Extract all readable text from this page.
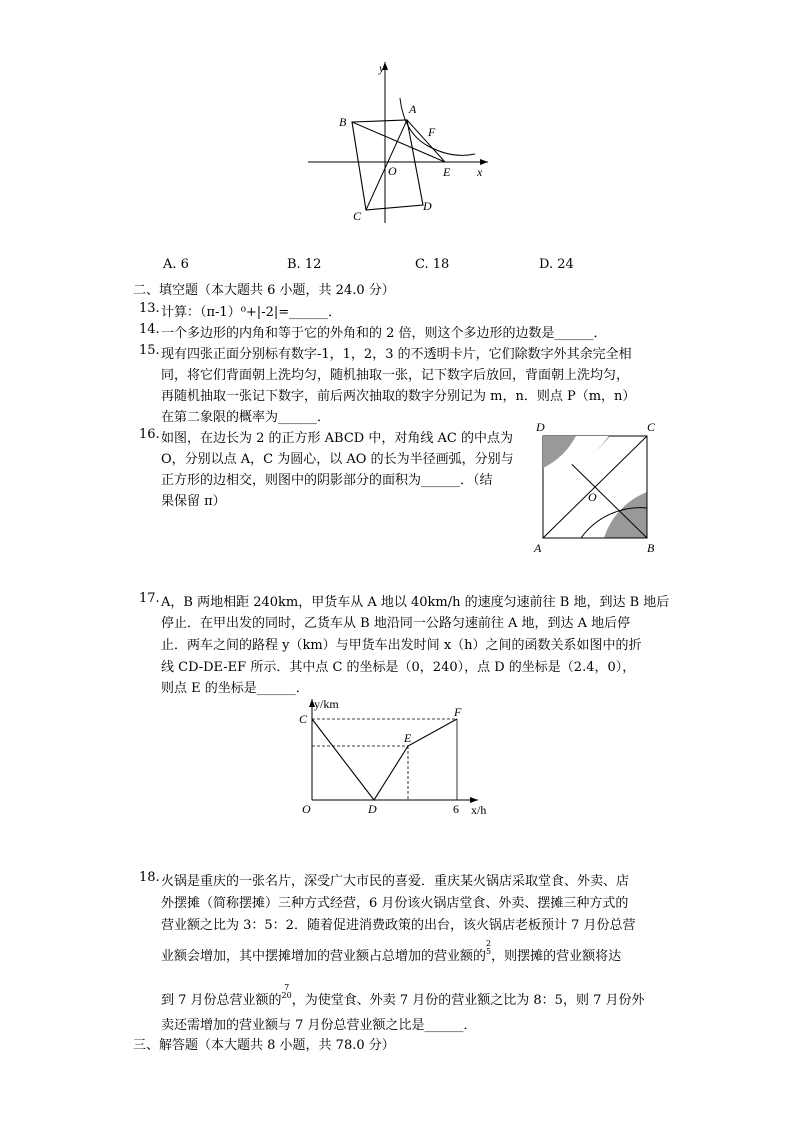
y
x
A
B
C
D
E
F
O
A. 6	B. 12	C. 18	D. 24
二、填空题（本大题共 6 小题，共 24.0 分）
13. 计算：（π-1）⁰+|-2|=______．
14. 一个多边形的内角和等于它的外角和的 2 倍，则这个多边形的边数是______．
15. 现有四张正面分别标有数字-1，1，2，3 的不透明卡片，它们除数字外其余完全相
同，将它们背面朝上洗均匀，随机抽取一张，记下数字后放回，背面朝上洗均匀，
再随机抽取一张记下数字，前后两次抽取的数字分别记为 m，n．则点 P（m，n）
在第二象限的概率为______．
16. 如图，在边长为 2 的正方形 ABCD 中，对角线 AC 的中点为
O，分别以点 A，C 为圆心，以 AO 的长为半径画弧，分别与
正方形的边相交，则图中的阴影部分的面积为______．（结
果保留 π）
D	C
A	B
O
17. A，B 两地相距 240km，甲货车从 A 地以 40km/h 的速度匀速前往 B 地，到达 B 地后
停止．在甲出发的同时，乙货车从 B 地沿同一公路匀速前往 A 地，到达 A 地后停
止．两车之间的路程 y（km）与甲货车出发时间 x（h）之间的函数关系如图中的折
线 CD-DE-EF 所示．其中点 C 的坐标是（0，240），点 D 的坐标是（2.4，0），
则点 E 的坐标是______．
y/km
x/h
C
E
F
O	D	6
18. 火锅是重庆的一张名片，深受广大市民的喜爱．重庆某火锅店采取堂食、外卖、店
外摆摊（简称摆摊）三种方式经营，6 月份该火锅店堂食、外卖、摆摊三种方式的
营业额之比为 3：5：2．随着促进消费政策的出台，该火锅店老板预计 7 月份总营
业额会增加，其中摆摊增加的营业额占总增加的营业额的2
5，则摆摊的营业额将达
到 7 月份总营业额的7
20，为使堂食、外卖 7 月份的营业额之比为 8：5，则 7 月份外
卖还需增加的营业额与 7 月份总营业额之比是______．
三、解答题（本大题共 8 小题，共 78.0 分）
